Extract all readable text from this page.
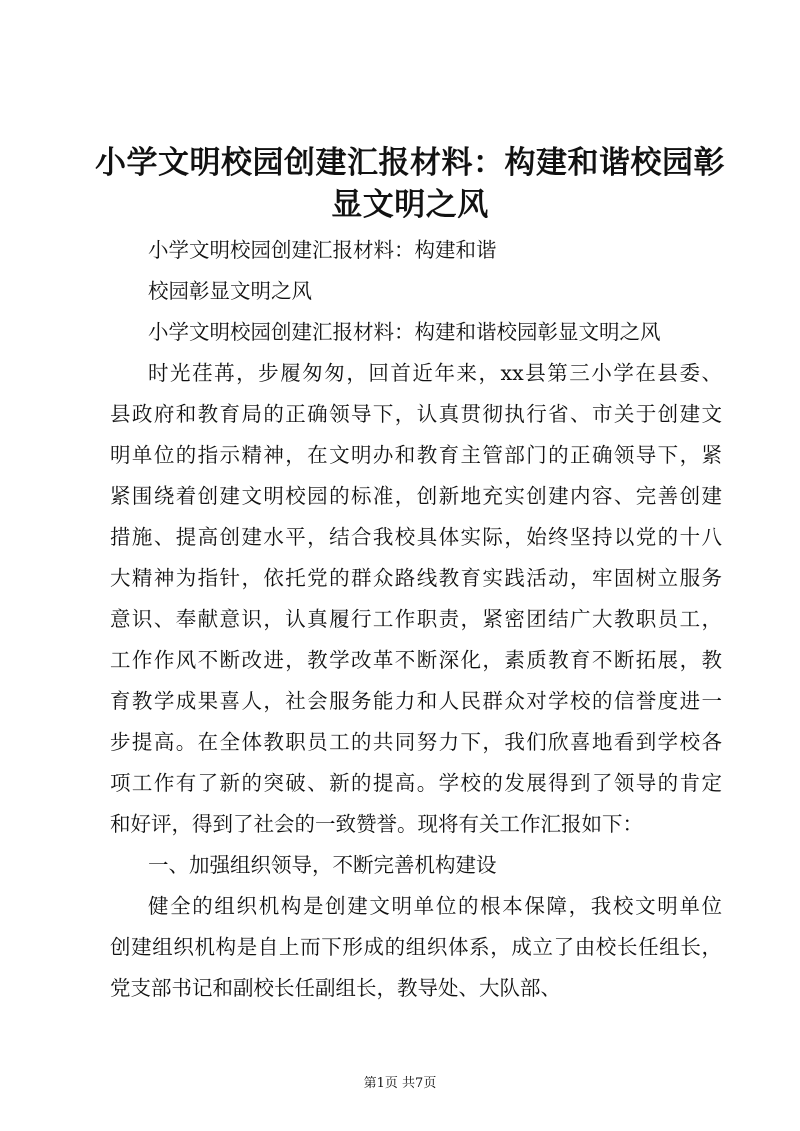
小学文明校园创建汇报材料：构建和谐校园彰
显文明之风
小学文明校园创建汇报材料：构建和谐
校园彰显文明之风
小学文明校园创建汇报材料：构建和谐校园彰显文明之风
时光荏苒，步履匆匆，回首近年来，xx县第三小学在县委、
县政府和教育局的正确领导下，认真贯彻执行省、市关于创建文
明单位的指示精神，在文明办和教育主管部门的正确领导下，紧
紧围绕着创建文明校园的标准，创新地充实创建内容、完善创建
措施、提高创建水平，结合我校具体实际，始终坚持以党的十八
大精神为指针，依托党的群众路线教育实践活动，牢固树立服务
意识、奉献意识，认真履行工作职责，紧密团结广大教职员工，
工作作风不断改进，教学改革不断深化，素质教育不断拓展，教
育教学成果喜人，社会服务能力和人民群众对学校的信誉度进一
步提高。在全体教职员工的共同努力下，我们欣喜地看到学校各
项工作有了新的突破、新的提高。学校的发展得到了领导的肯定
和好评，得到了社会的一致赞誉。现将有关工作汇报如下：
一、加强组织领导，不断完善机构建设
健全的组织机构是创建文明单位的根本保障，我校文明单位
创建组织机构是自上而下形成的组织体系，成立了由校长任组长，
党支部书记和副校长任副组长，教导处、大队部、
第1页 共7页
